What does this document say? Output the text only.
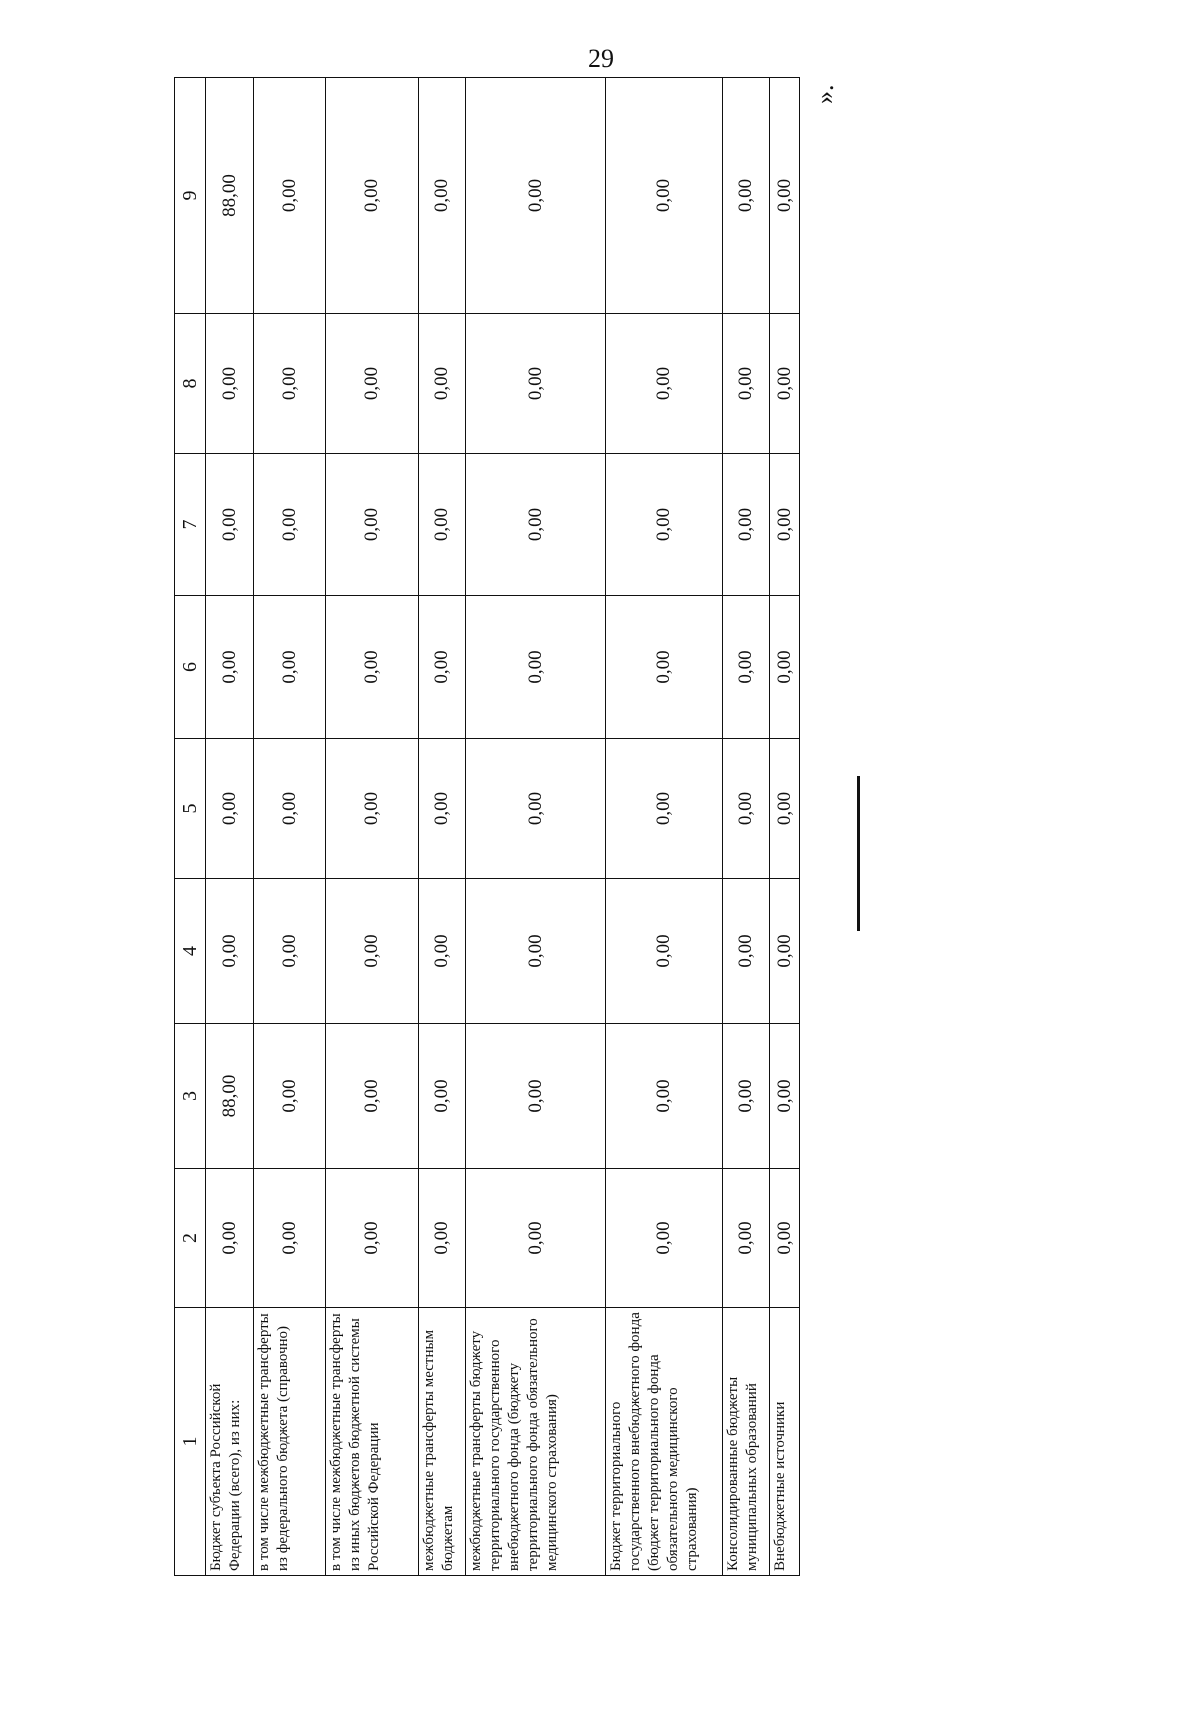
29
».
1	2	3	4	5	6	7	8	9
Бюджет субъекта Российской Федерации (всего), из них:	0,00	88,00	0,00	0,00	0,00	0,00	0,00	88,00
в том числе межбюджетные трансферты из федерального бюджета (справочно)	0,00	0,00	0,00	0,00	0,00	0,00	0,00	0,00
в том числе межбюджетные трансферты из иных бюджетов бюджетной системы Российской Федерации	0,00	0,00	0,00	0,00	0,00	0,00	0,00	0,00
межбюджетные трансферты местным бюджетам	0,00	0,00	0,00	0,00	0,00	0,00	0,00	0,00
межбюджетные трансферты бюджету территориального государственного внебюджетного фонда (бюджету территориального фонда обязательного медицинского страхования)	0,00	0,00	0,00	0,00	0,00	0,00	0,00	0,00
Бюджет территориального государственного внебюджетного фонда (бюджет территориального фонда обязательного медицинского страхования)	0,00	0,00	0,00	0,00	0,00	0,00	0,00	0,00
Консолидированные бюджеты муниципальных образований	0,00	0,00	0,00	0,00	0,00	0,00	0,00	0,00
Внебюджетные источники	0,00	0,00	0,00	0,00	0,00	0,00	0,00	0,00
